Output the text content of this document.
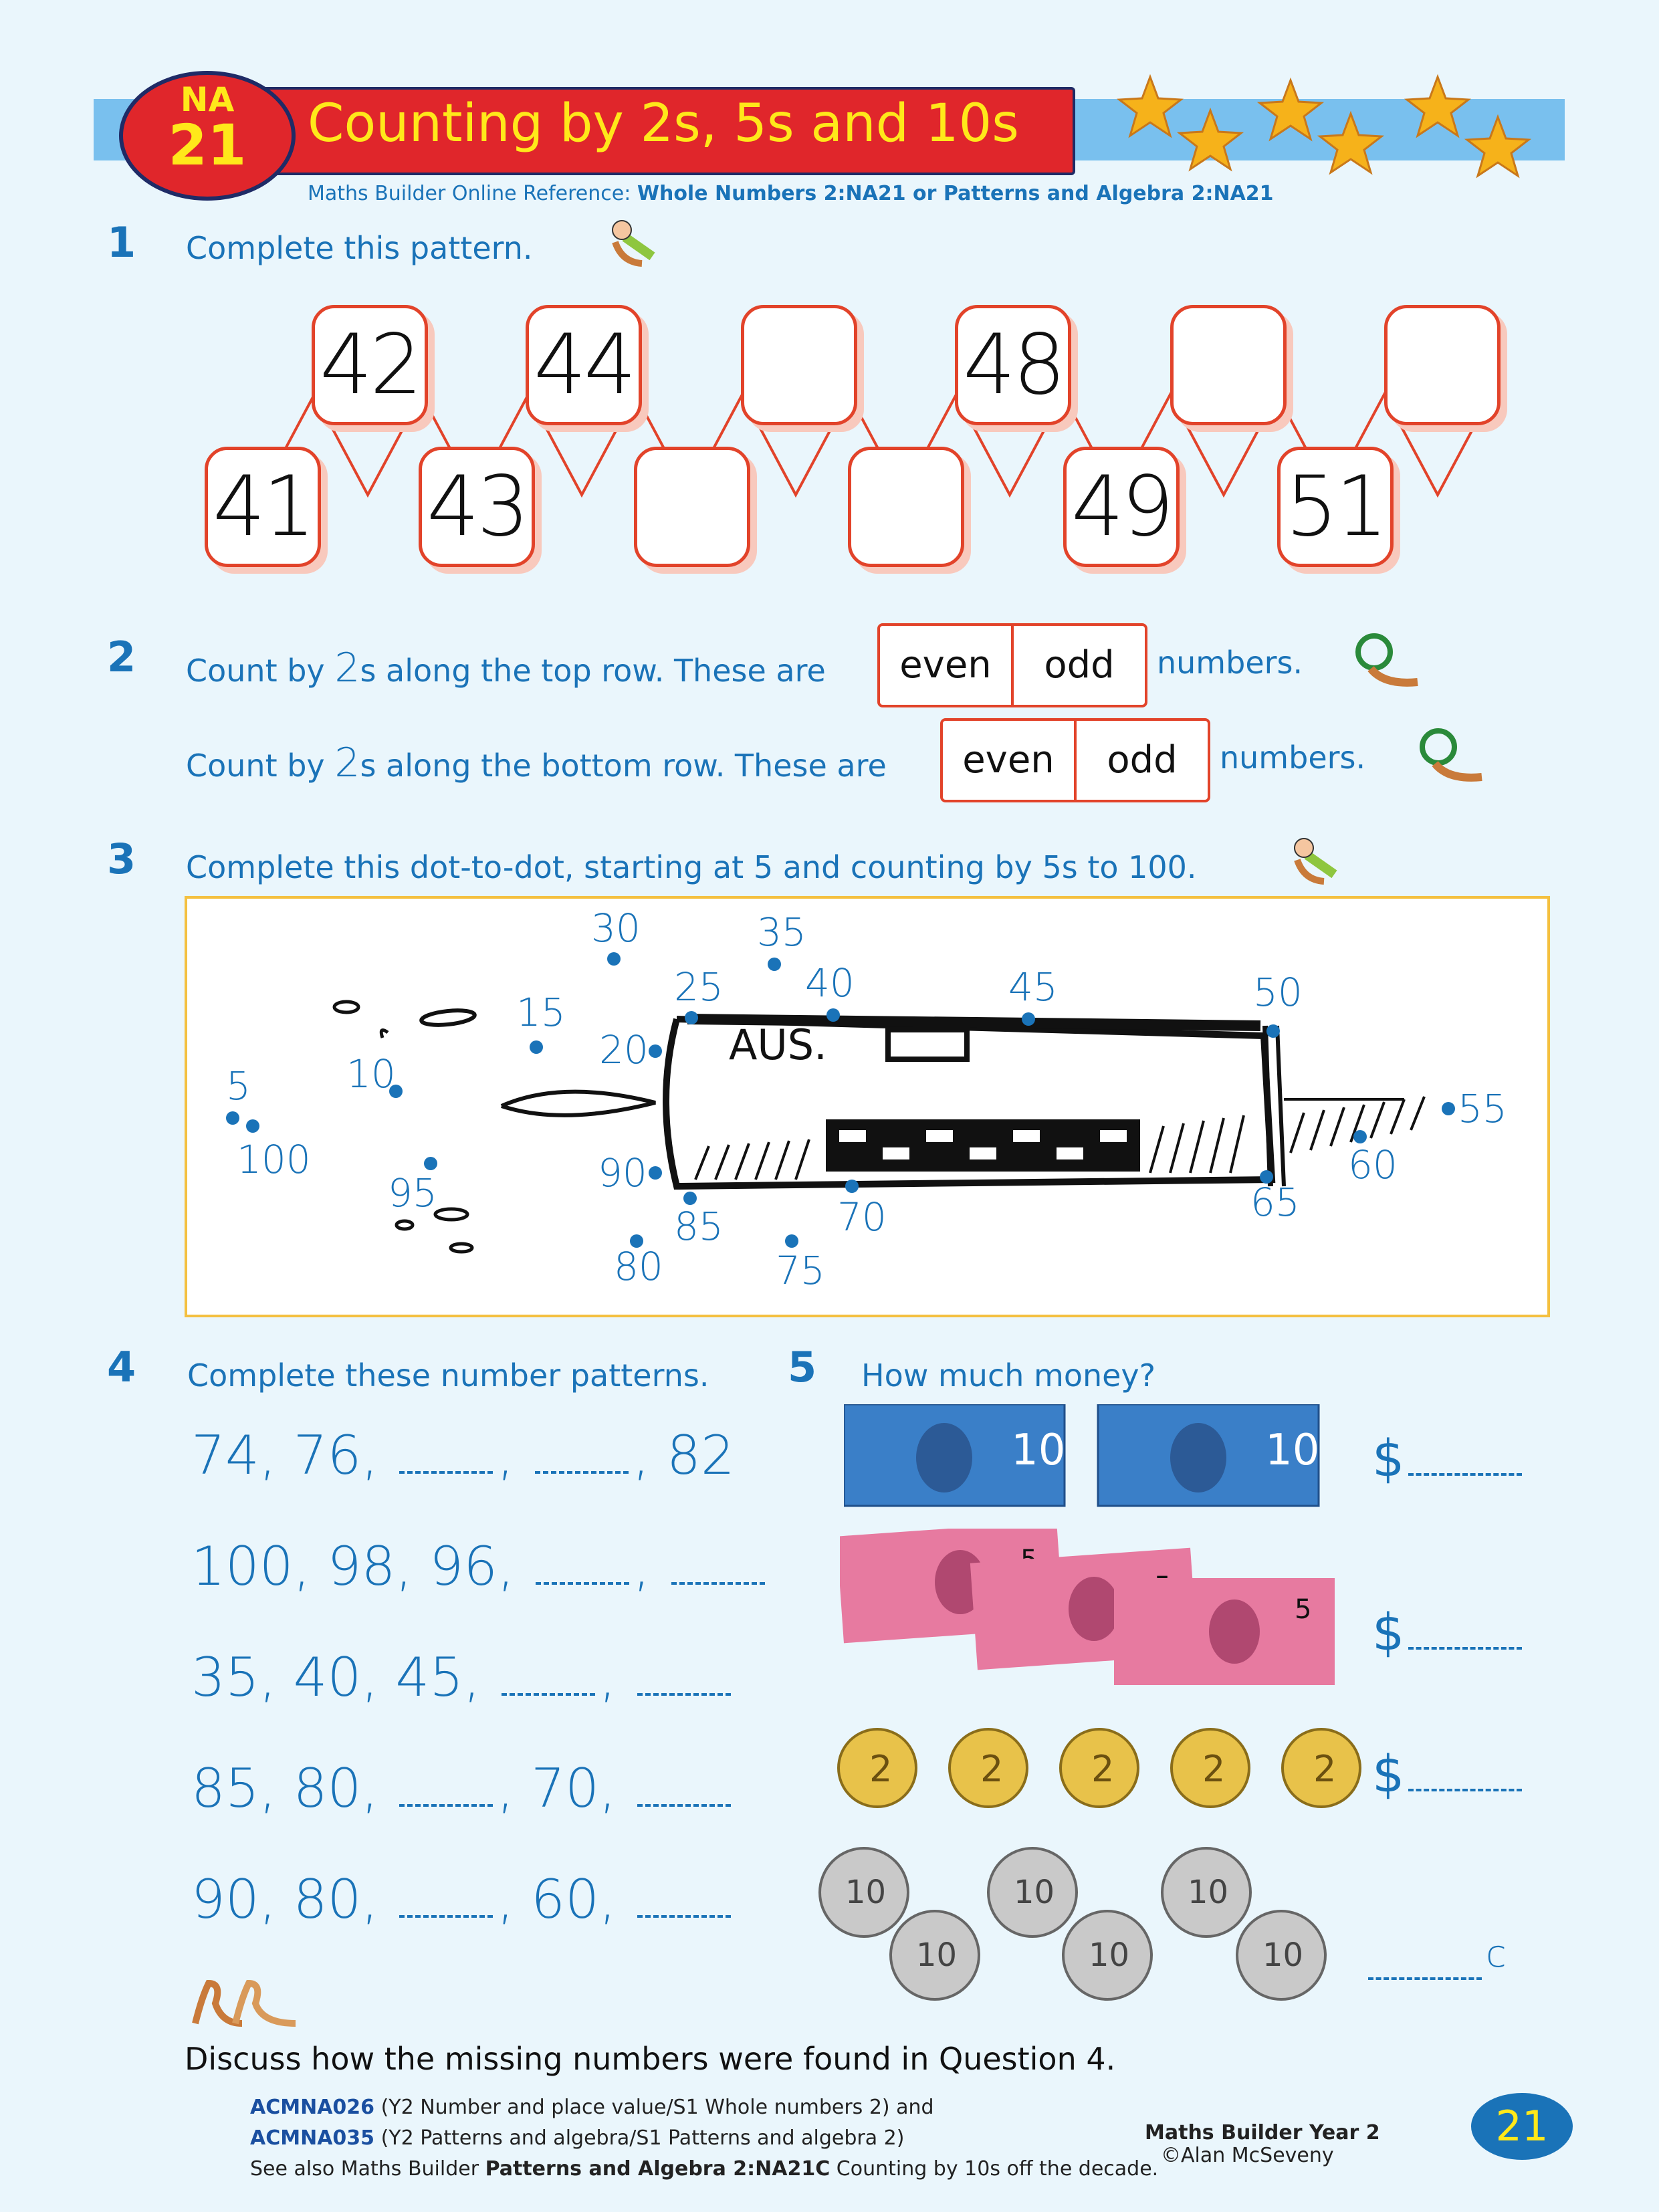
Counting by 2s, 5s and 10s
NA
21
Maths Builder Online Reference: Whole Numbers 2:NA21 or Patterns and Algebra 2:NA21
1 Complete this pattern.
42 44	48
41 43	49 51
2 Count by 2s along the top row. These are	even	odd	numbers.
Count by 2s along the bottom row. These are	even	odd	numbers.
3 Complete this dot-to-dot, starting at 5 and counting by 5s to 100.
AUS.
5 10
15
20
25
30	35
40	45	50
55
60
65
70
75
80
85
90
95
100
4 Complete these number patterns.
74, 76, , , 82
100, 98, 96, ,
35, 40, 45, ,
85, 80, , 70,
90, 80, , 60,
5 How much money?
10	10 $
5 $
2 2 2 2 2 $
10	10	10
10	10	10	$^c$
Discuss how the missing numbers were found in Question 4.
ACMNA026 (Y2 Number and place value/S1 Whole numbers 2) and
ACMNA035 (Y2 Patterns and algebra/S1 Patterns and algebra 2)
See also Maths Builder Patterns and Algebra 2:NA21C Counting by 10s off the decade.
Maths Builder Year 2
©Alan McSeveny
21
